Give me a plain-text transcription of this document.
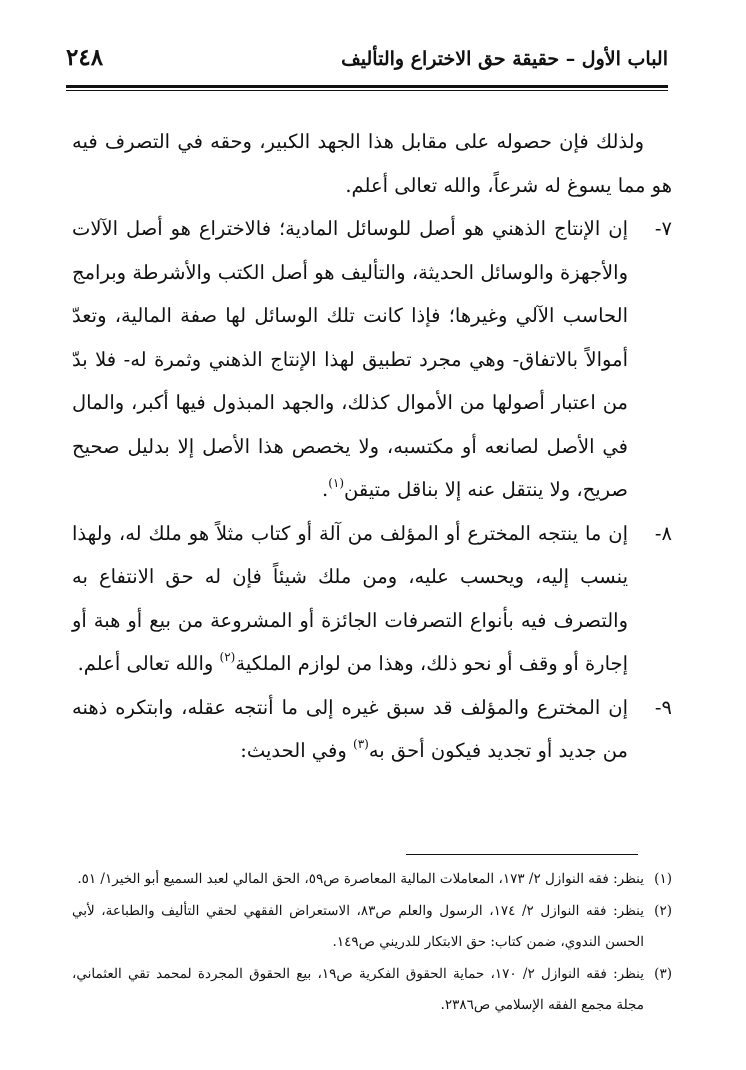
٢٤٨	الباب الأول – حقيقة حق الاختراع والتأليف

ولذلك فإن حصوله على مقابل هذا الجهد الكبير، وحقه في التصرف فيه هو مما يسوغ له شرعاً، والله تعالى أعلم.

٧-
إن الإنتاج الذهني هو أصل للوسائل المادية؛ فالاختراع هو أصل الآلات والأجهزة والوسائل الحديثة، والتأليف هو أصل الكتب والأشرطة وبرامج الحاسب الآلي وغيرها؛ فإذا كانت تلك الوسائل لها صفة المالية، وتعدّ أموالاً بالاتفاق- وهي مجرد تطبيق لهذا الإنتاج الذهني وثمرة له- فلا بدّ من اعتبار أصولها من الأموال كذلك، والجهد المبذول فيها أكبر، والمال في الأصل لصانعه أو مكتسبه، ولا يخصص هذا الأصل إلا بدليل صحيح صريح، ولا ينتقل عنه إلا بناقل متيقن$^{(١)}$.

٨-
إن ما ينتجه المخترع أو المؤلف من آلة أو كتاب مثلاً هو ملك له، ولهذا ينسب إليه، ويحسب عليه، ومن ملك شيئاً فإن له حق الانتفاع به والتصرف فيه بأنواع التصرفات الجائزة أو المشروعة من بيع أو هبة أو إجارة أو وقف أو نحو ذلك، وهذا من لوازم الملكية$^{(٢)}$ والله تعالى أعلم.

٩-
إن المخترع والمؤلف قد سبق غيره إلى ما أنتجه عقله، وابتكره ذهنه من جديد أو تجديد فيكون أحق به$^{(٣)}$ وفي الحديث:

(١)
ينظر: فقه النوازل ٢/ ١٧٣، المعاملات المالية المعاصرة ص٥٩، الحق المالي لعبد السميع أبو الخير١/ ٥١.

(٢)
ينظر: فقه النوازل ٢/ ١٧٤، الرسول والعلم ص٨٣، الاستعراض الفقهي لحقي التأليف والطباعة، لأبي الحسن الندوي، ضمن كتاب: حق الابتكار للدريني ص١٤٩.

(٣)
ينظر: فقه النوازل ٢/ ١٧٠، حماية الحقوق الفكرية ص١٩، بيع الحقوق المجردة لمحمد تقي العثماني، مجلة مجمع الفقه الإسلامي ص٢٣٨٦.
